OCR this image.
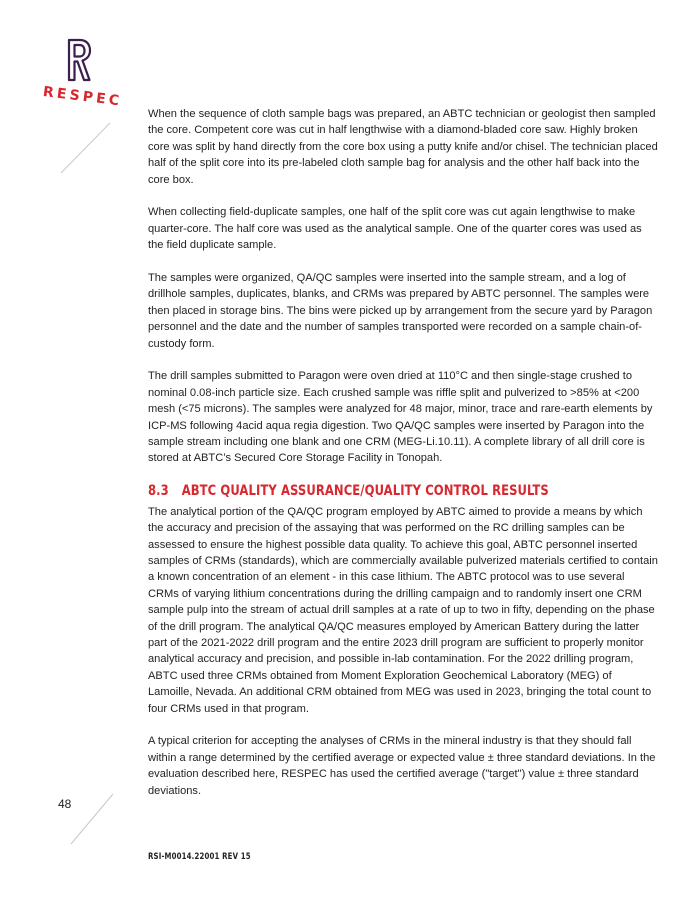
RESPEC

When the sequence of cloth sample bags was prepared, an ABTC technician or geologist then sampled the core. Competent core was cut in half lengthwise with a diamond-bladed core saw. Highly broken core was split by hand directly from the core box using a putty knife and/or chisel. The technician placed half of the split core into its pre-labeled cloth sample bag for analysis and the other half back into the core box.

When collecting field-duplicate samples, one half of the split core was cut again lengthwise to make quarter-core. The half core was used as the analytical sample. One of the quarter cores was used as the field duplicate sample.

The samples were organized, QA/QC samples were inserted into the sample stream, and a log of drillhole samples, duplicates, blanks, and CRMs was prepared by ABTC personnel. The samples were then placed in storage bins. The bins were picked up by arrangement from the secure yard by Paragon personnel and the date and the number of samples transported were recorded on a sample chain-of-custody form.

The drill samples submitted to Paragon were oven dried at 110°C and then single-stage crushed to nominal 0.08-inch particle size. Each crushed sample was riffle split and pulverized to >85% at <200 mesh (<75 microns). The samples were analyzed for 48 major, minor, trace and rare-earth elements by ICP-MS following 4acid aqua regia digestion. Two QA/QC samples were inserted by Paragon into the sample stream including one blank and one CRM (MEG-Li.10.11). A complete library of all drill core is stored at ABTC’s Secured Core Storage Facility in Tonopah.

8.3 ABTC QUALITY ASSURANCE/QUALITY CONTROL RESULTS

The analytical portion of the QA/QC program employed by ABTC aimed to provide a means by which the accuracy and precision of the assaying that was performed on the RC drilling samples can be assessed to ensure the highest possible data quality. To achieve this goal, ABTC personnel inserted samples of CRMs (standards), which are commercially available pulverized materials certified to contain a known concentration of an element - in this case lithium. The ABTC protocol was to use several CRMs of varying lithium concentrations during the drilling campaign and to randomly insert one CRM sample pulp into the stream of actual drill samples at a rate of up to two in fifty, depending on the phase of the drill program. The analytical QA/QC measures employed by American Battery during the latter part of the 2021-2022 drill program and the entire 2023 drill program are sufficient to properly monitor analytical accuracy and precision, and possible in-lab contamination. For the 2022 drilling program, ABTC used three CRMs obtained from Moment Exploration Geochemical Laboratory (MEG) of Lamoille, Nevada. An additional CRM obtained from MEG was used in 2023, bringing the total count to four CRMs used in that program.

A typical criterion for accepting the analyses of CRMs in the mineral industry is that they should fall within a range determined by the certified average or expected value ± three standard deviations. In the evaluation described here, RESPEC has used the certified average ("target") value ± three standard deviations.

48
RSI-M0014.22001 REV 15
